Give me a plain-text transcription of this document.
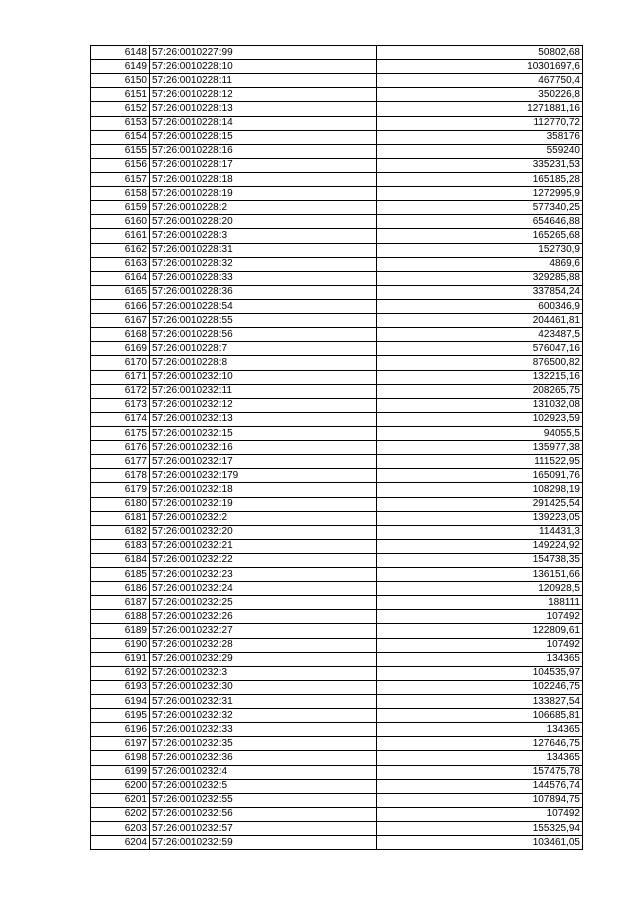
6148	57:26:0010227:99	50802,68
6149	57:26:0010228:10	10301697,6
6150	57:26:0010228:11	467750,4
6151	57:26:0010228:12	350226,8
6152	57:26:0010228:13	1271881,16
6153	57:26:0010228:14	112770,72
6154	57:26:0010228:15	358176
6155	57:26:0010228:16	559240
6156	57:26:0010228:17	335231,53
6157	57:26:0010228:18	165185,28
6158	57:26:0010228:19	1272995,9
6159	57:26:0010228:2	577340,25
6160	57:26:0010228:20	654646,88
6161	57:26:0010228:3	165265,68
6162	57:26:0010228:31	152730,9
6163	57:26:0010228:32	4869,6
6164	57:26:0010228:33	329285,88
6165	57:26:0010228:36	337854,24
6166	57:26:0010228:54	600346,9
6167	57:26:0010228:55	204461,81
6168	57:26:0010228:56	423487,5
6169	57:26:0010228:7	576047,16
6170	57:26:0010228:8	876500,82
6171	57:26:0010232:10	132215,16
6172	57:26:0010232:11	208265,75
6173	57:26:0010232:12	131032,08
6174	57:26:0010232:13	102923,59
6175	57:26:0010232:15	94055,5
6176	57:26:0010232:16	135977,38
6177	57:26:0010232:17	111522,95
6178	57:26:0010232:179	165091,76
6179	57:26:0010232:18	108298,19
6180	57:26:0010232:19	291425,54
6181	57:26:0010232:2	139223,05
6182	57:26:0010232:20	114431,3
6183	57:26:0010232:21	149224,92
6184	57:26:0010232:22	154738,35
6185	57:26:0010232:23	136151,66
6186	57:26:0010232:24	120928,5
6187	57:26:0010232:25	188111
6188	57:26:0010232:26	107492
6189	57:26:0010232:27	122809,61
6190	57:26:0010232:28	107492
6191	57:26:0010232:29	134365
6192	57:26:0010232:3	104535,97
6193	57:26:0010232:30	102246,75
6194	57:26:0010232:31	133827,54
6195	57:26:0010232:32	106685,81
6196	57:26:0010232:33	134365
6197	57:26:0010232:35	127646,75
6198	57:26:0010232:36	134365
6199	57:26:0010232:4	157475,78
6200	57:26:0010232:5	144576,74
6201	57:26:0010232:55	107894,75
6202	57:26:0010232:56	107492
6203	57:26:0010232:57	155325,94
6204	57:26:0010232:59	103461,05
